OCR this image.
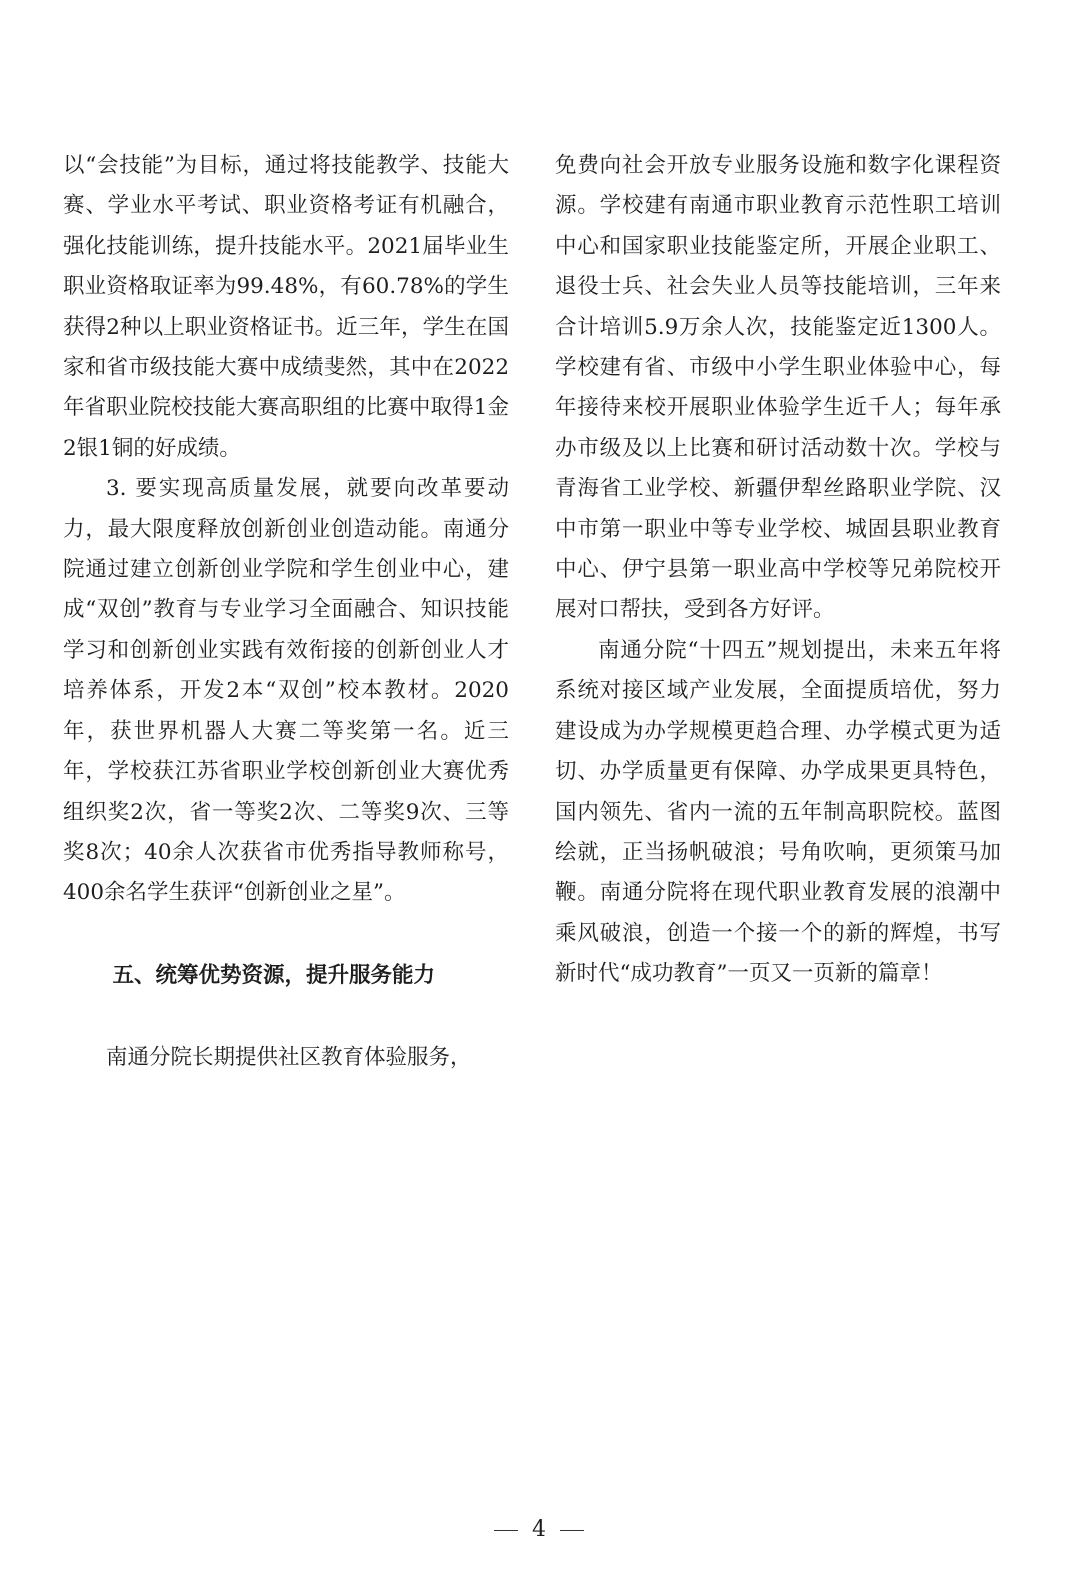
以“会技能”为目标，通过将技能教学、技能大赛、学业水平考试、职业资格考证有机融合，强化技能训练，提升技能水平。2021届毕业生职业资格取证率为99.48%，有60.78%的学生获得2种以上职业资格证书。近三年，学生在国家和省市级技能大赛中成绩斐然，其中在2022年省职业院校技能大赛高职组的比赛中取得1金2银1铜的好成绩。

3. 要实现高质量发展，就要向改革要动力，最大限度释放创新创业创造动能。南通分院通过建立创新创业学院和学生创业中心，建成“双创”教育与专业学习全面融合、知识技能学习和创新创业实践有效衔接的创新创业人才培养体系，开发2本“双创”校本教材。2020年，获世界机器人大赛二等奖第一名。近三年，学校获江苏省职业学校创新创业大赛优秀组织奖2次，省一等奖2次、二等奖9次、三等奖8次；40余人次获省市优秀指导教师称号，400余名学生获评“创新创业之星”。

五、统筹优势资源，提升服务能力

南通分院长期提供社区教育体验服务，

免费向社会开放专业服务设施和数字化课程资源。学校建有南通市职业教育示范性职工培训中心和国家职业技能鉴定所，开展企业职工、退役士兵、社会失业人员等技能培训，三年来合计培训5.9万余人次，技能鉴定近1300人。学校建有省、市级中小学生职业体验中心，每年接待来校开展职业体验学生近千人；每年承办市级及以上比赛和研讨活动数十次。学校与青海省工业学校、新疆伊犁丝路职业学院、汉中市第一职业中等专业学校、城固县职业教育中心、伊宁县第一职业高中学校等兄弟院校开展对口帮扶，受到各方好评。

南通分院“十四五”规划提出，未来五年将系统对接区域产业发展，全面提质培优，努力建设成为办学规模更趋合理、办学模式更为适切、办学质量更有保障、办学成果更具特色，国内领先、省内一流的五年制高职院校。蓝图绘就，正当扬帆破浪；号角吹响，更须策马加鞭。南通分院将在现代职业教育发展的浪潮中乘风破浪，创造一个接一个的新的辉煌，书写新时代“成功教育”一页又一页新的篇章！

4
